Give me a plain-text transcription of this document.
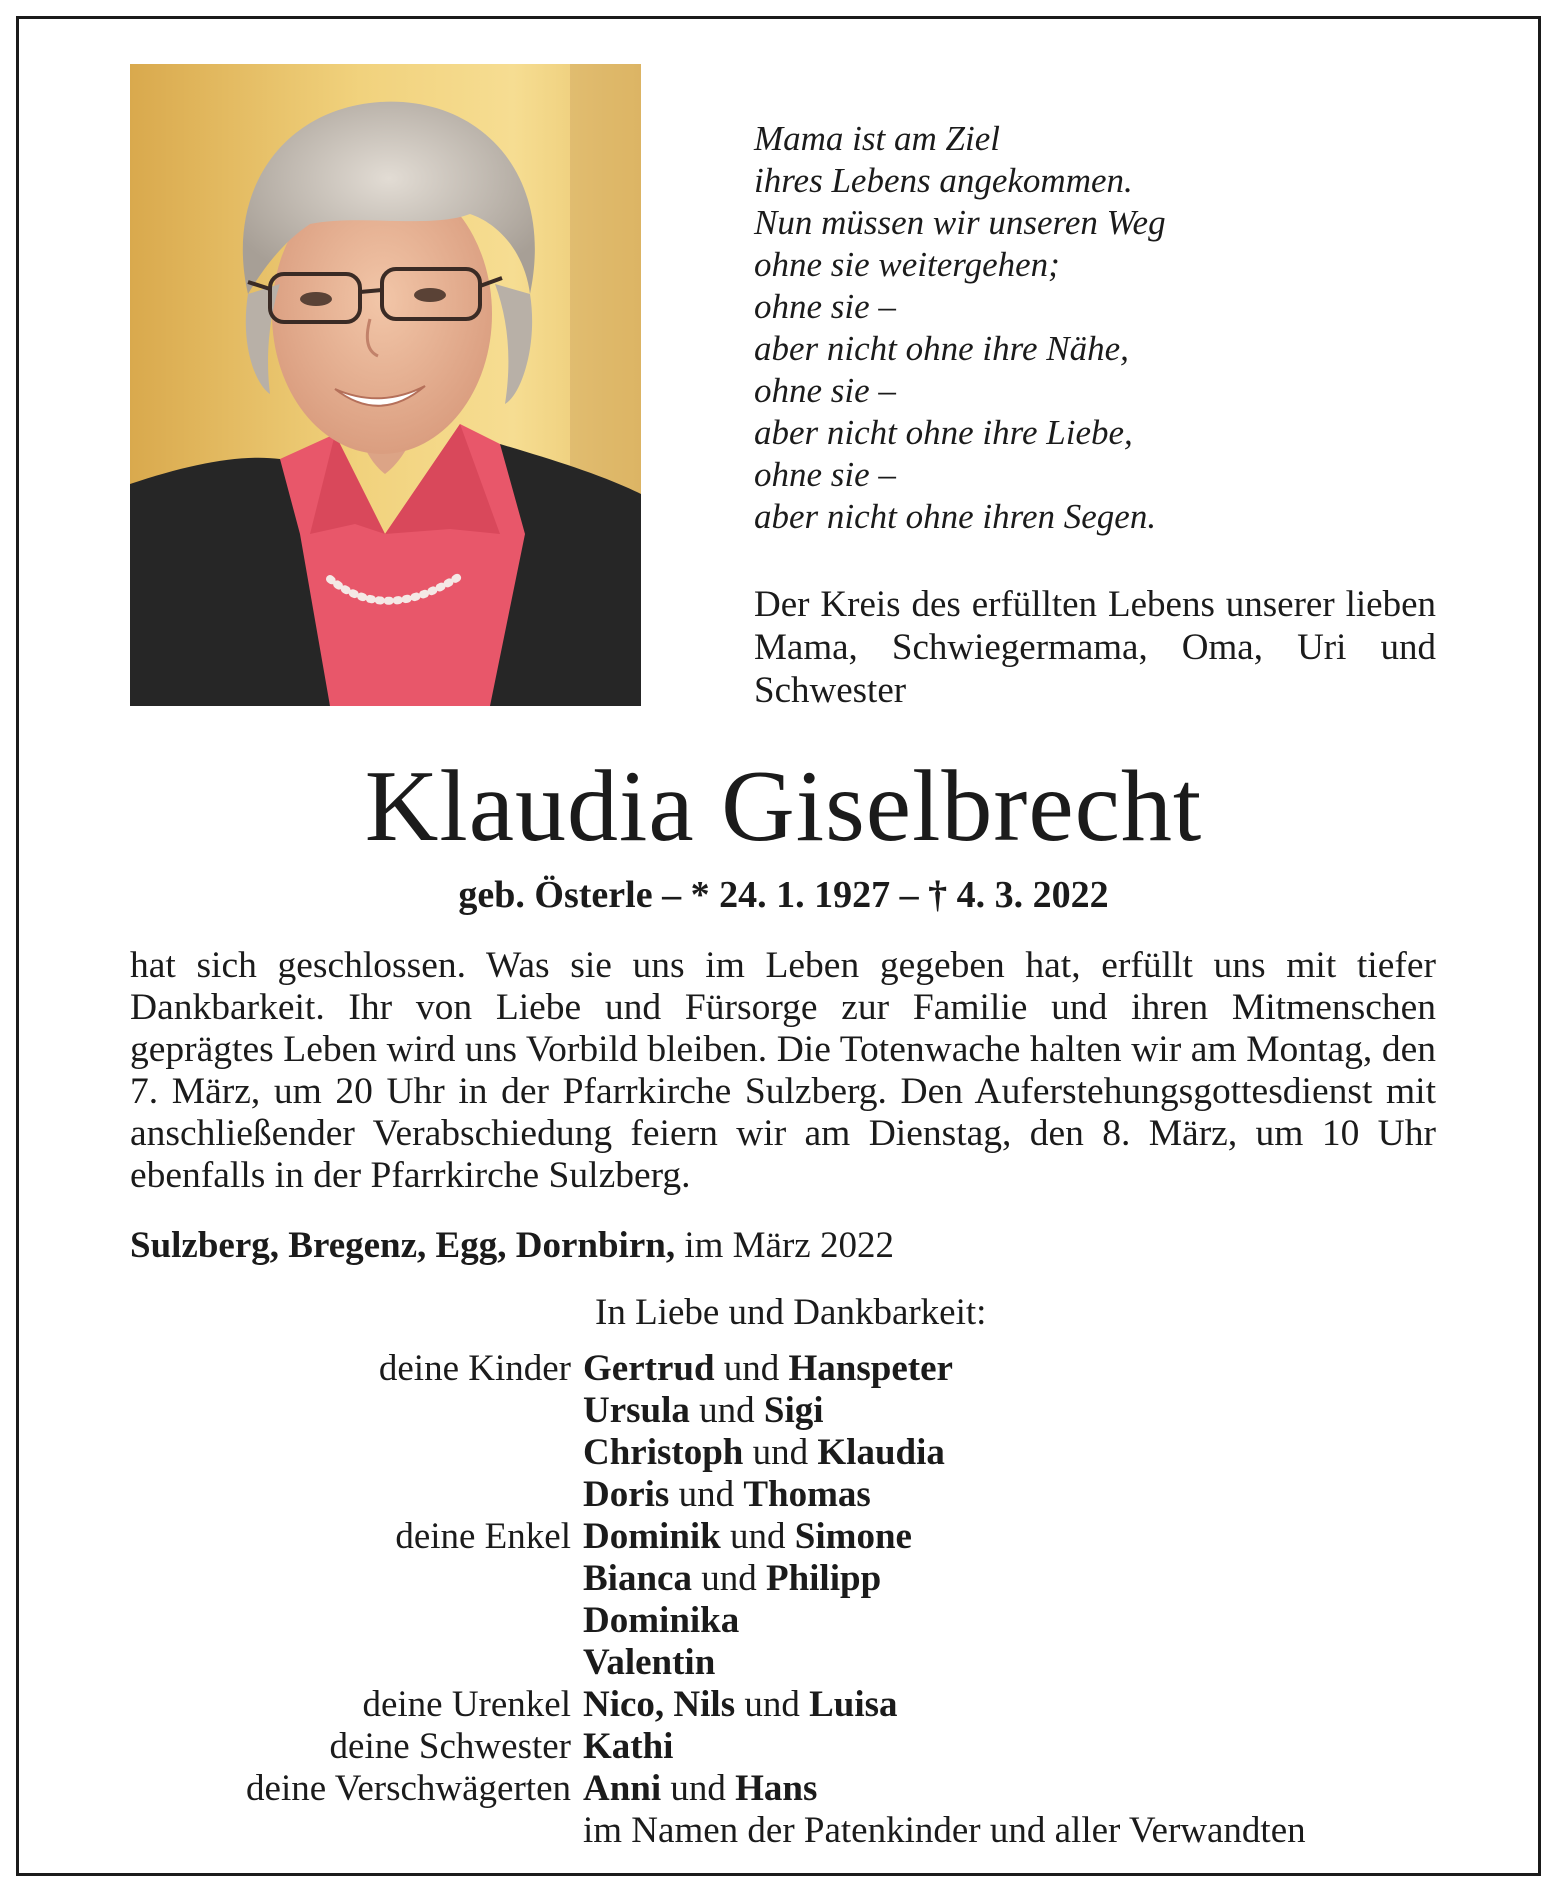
Mama ist am Ziel
ihres Lebens angekommen.
Nun müssen wir unseren Weg
ohne sie weitergehen;
ohne sie –
aber nicht ohne ihre Nähe,
ohne sie –
aber nicht ohne ihre Liebe,
ohne sie –
aber nicht ohne ihren Segen.
Der Kreis des erfüllten Lebens unserer lieben Mama, Schwiegermama, Oma, Uri und Schwester
Klaudia Giselbrecht
geb. Österle – * 24. 1. 1927 – † 4. 3. 2022
hat sich geschlossen. Was sie uns im Leben gegeben hat, erfüllt uns mit tiefer Dankbarkeit. Ihr von Liebe und Fürsorge zur Familie und ihren Mitmenschen geprägtes Leben wird uns Vorbild bleiben. Die Totenwache halten wir am Montag, den 7. März, um 20 Uhr in der Pfarrkirche Sulzberg. Den Auferstehungsgottesdienst mit anschließender Verabschiedung feiern wir am Dienstag, den 8. März, um 10 Uhr ebenfalls in der Pfarrkirche Sulzberg.
Sulzberg, Bregenz, Egg, Dornbirn, im März 2022
In Liebe und Dankbarkeit:
deine Kinder Gertrud und Hanspeter
Ursula und Sigi
Christoph und Klaudia
Doris und Thomas
deine Enkel Dominik und Simone
Bianca und Philipp
Dominika
Valentin
deine Urenkel Nico, Nils und Luisa
deine Schwester Kathi
deine Verschwägerten Anni und Hans
im Namen der Patenkinder und aller Verwandten
